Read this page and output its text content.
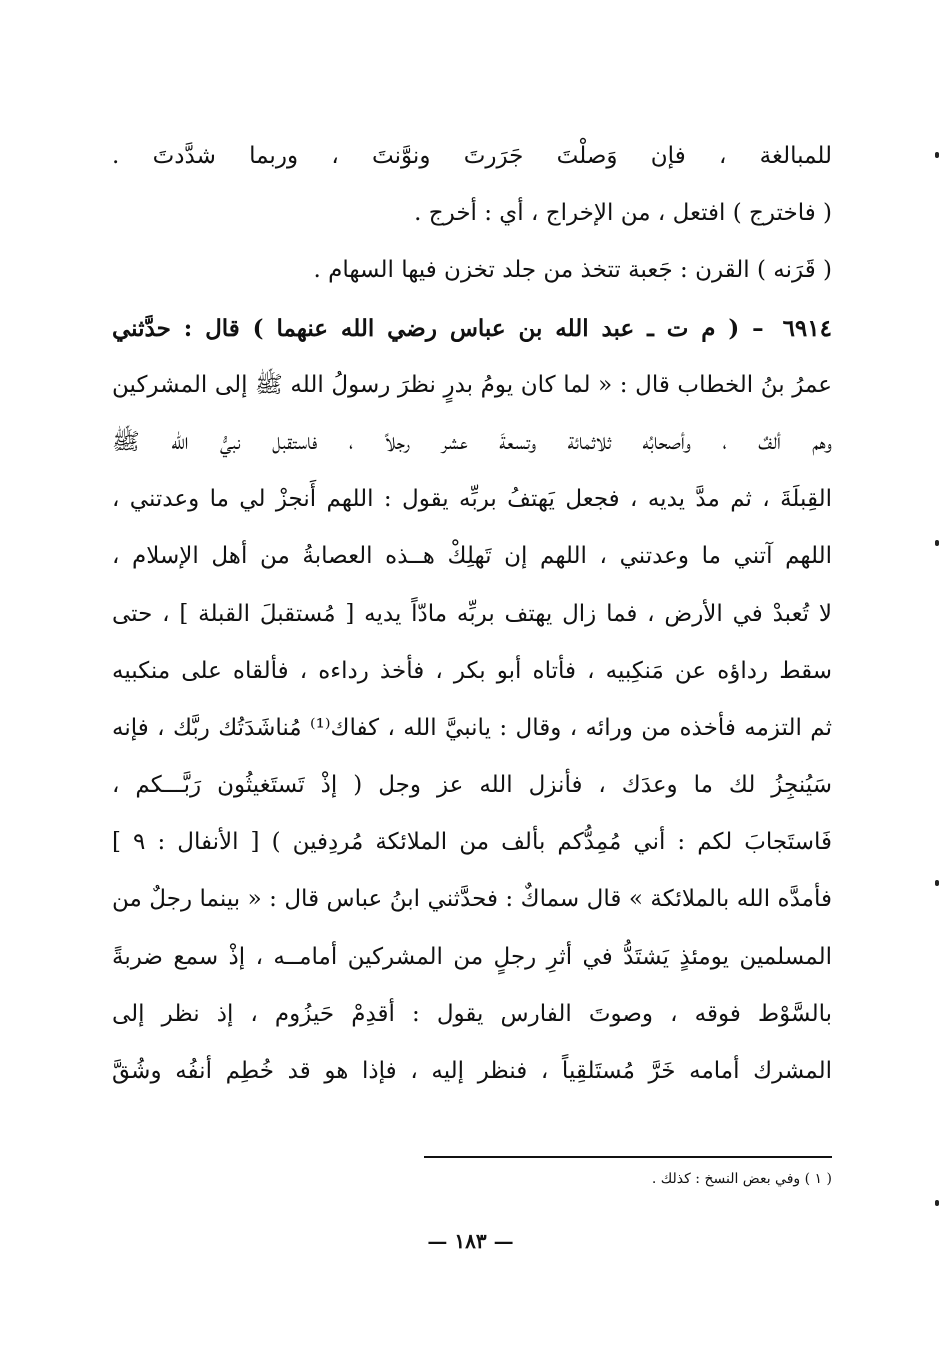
للمبالغة ، فإن وَصلْتَ جَرَرتَ ونوَّنتَ ، وربما شدَّدتَ .
( فاخترج ) افتعل ، من الإخراج ، أي : أخرج .
( قَرَنه ) القرن : جَعبة تتخذ من جلد تخزن فيها السهام .
٦٩١٤ – ( م ت ـ عبد الله بن عباس رضي الله عنهما ) قال : حدَّثني
عمرُ بنُ الخطاب قال : « لما كان يومُ بدرٍ نظرَ رسولُ الله ﷺ إلى المشركين
وهم ألفٌ ، وأصحابُه ثلاثمائة وتسعةَ عشر رجلاً ، فاستقبل نبيُّ الله ﷺ
القِبلَةَ ، ثم مدَّ يديه ، فجعل يَهتفُ بربِّه يقول : اللهم أَنجزْ لي ما وعدتني ،
اللهم آتني ما وعدتني ، اللهم إن تَهلِكْ هــذه العصابةُ من أهل الإسلام ،
لا تُعبدْ في الأرض ، فما زال يهتف بربِّه مادّاً يديه [ مُستقبلَ القبلة ] ، حتى
سقط رداؤه عن مَنكِبيه ، فأتاه أبو بكر ، فأخذ رداءه ، فألقاه على منكبيه
ثم التزمه فأخذه من ورائه ، وقال : يانبيَّ الله ، كفاك⁽¹⁾ مُناشَدَتُك ربَّك ، فإنه
سَيُنجِزُ لك ما وعدَك ، فأنزل الله عز وجل ( إذْ تَستَغيثُون رَبَّـــكم ،
فَاستَجابَ لكم : أني مُمِدُّكم بألف من الملائكة مُردِفين ) [ الأنفال : ٩ ]
فأمدَّه الله بالملائكة » قال سماكٌ : فحدَّثني ابنُ عباس قال : « بينما رجلٌ من
المسلمين يومئذٍ يَشتَدُّ في أثرِ رجلٍ من المشركين أمامــه ، إذْ سمع ضربةً
بالسَّوْط فوقه ، وصوتَ الفارس يقول : أقدِمْ حَيزُوم ، إذ نظر إلى
المشرك أمامه خَرَّ مُستَلقِياً ، فنظر إليه ، فإذا هو قد خُطِم أنفُه وشُقَّ
( ١ ) وفي بعض النسخ : كذلك .
— ١٨٣ —
